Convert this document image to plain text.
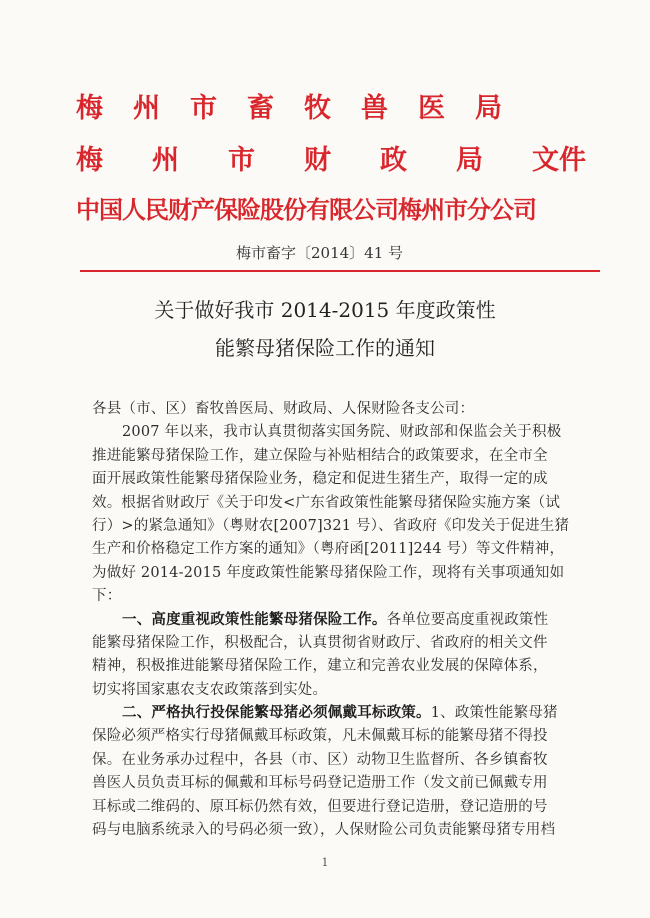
梅州市畜牧兽医局
梅 州 市 财 政 局 文件
中国人民财产保险股份有限公司梅州市分公司
梅市畜字〔2014〕41 号
关于做好我市 2014-2015 年度政策性
能繁母猪保险工作的通知
各县（市、区）畜牧兽医局、财政局、人保财险各支公司：
2007 年以来，我市认真贯彻落实国务院、财政部和保监会关于积极
推进能繁母猪保险工作，建立保险与补贴相结合的政策要求，在全市全
面开展政策性能繁母猪保险业务，稳定和促进生猪生产，取得一定的成
效。根据省财政厅《关于印发<广东省政策性能繁母猪保险实施方案（试
行）>的紧急通知》（粤财农[2007]321 号）、省政府《印发关于促进生猪
生产和价格稳定工作方案的通知》（粤府函[2011]244 号）等文件精神，
为做好 2014-2015 年度政策性能繁母猪保险工作，现将有关事项通知如
下：
一、高度重视政策性能繁母猪保险工作。各单位要高度重视政策性
能繁母猪保险工作，积极配合，认真贯彻省财政厅、省政府的相关文件
精神，积极推进能繁母猪保险工作，建立和完善农业发展的保障体系，
切实将国家惠农支农政策落到实处。
二、严格执行投保能繁母猪必须佩戴耳标政策。1、政策性能繁母猪
保险必须严格实行母猪佩戴耳标政策，凡未佩戴耳标的能繁母猪不得投
保。在业务承办过程中，各县（市、区）动物卫生监督所、各乡镇畜牧
兽医人员负责耳标的佩戴和耳标号码登记造册工作（发文前已佩戴专用
耳标或二维码的、原耳标仍然有效，但要进行登记造册，登记造册的号
码与电脑系统录入的号码必须一致），人保财险公司负责能繁母猪专用档
1
